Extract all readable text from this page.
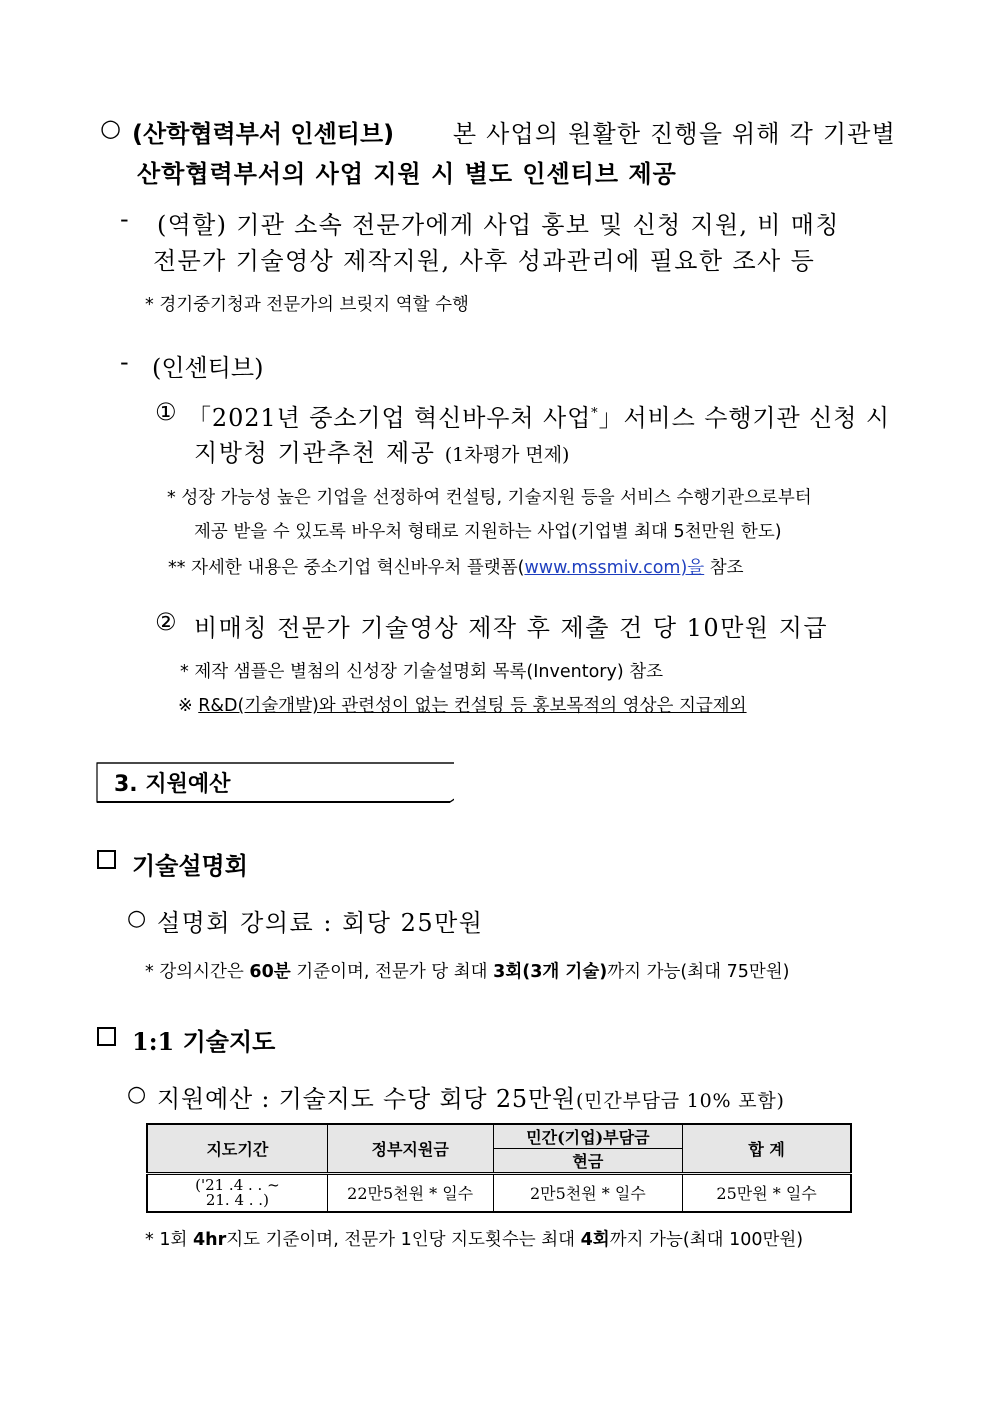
○ (산학협력부서 인센티브) 본 사업의 원활한 진행을 위해 각 기관별
산학협력부서의 사업 지원 시 별도 인센티브 제공
- (역할) 기관 소속 전문가에게 사업 홍보 및 신청 지원, 비 매칭
전문가 기술영상 제작지원, 사후 성과관리에 필요한 조사 등
* 경기중기청과 전문가의 브릿지 역할 수행
- (인센티브)
① 「2021년 중소기업 혁신바우처 사업*」서비스 수행기관 신청 시
지방청 기관추천 제공 (1차평가 면제)
* 성장 가능성 높은 기업을 선정하여 컨설팅, 기술지원 등을 서비스 수행기관으로부터
제공 받을 수 있도록 바우처 형태로 지원하는 사업(기업별 최대 5천만원 한도)
** 자세한 내용은 중소기업 혁신바우처 플랫폼(www.mssmiv.com)을 참조
② 비매칭 전문가 기술영상 제작 후 제출 건 당 10만원 지급
* 제작 샘플은 별첨의 신성장 기술설명회 목록(Inventory) 참조
※ R&D(기술개발)와 관련성이 없는 컨설팅 등 홍보목적의 영상은 지급제외
3. 지원예산
기술설명회
○ 설명회 강의료 : 회당 25만원
* 강의시간은 60분 기준이며, 전문가 당 최대 3회(3개 기술)까지 가능(최대 75만원)
1:1 기술지도
○ 지원예산 : 기술지도 수당 회당 25만원(민간부담금 10% 포함)
지도기간	정부지원금	민간(기업)부담금	합 계
		현금	

('21 .4 . . ~
21. 4 . .)	22만5천원 * 일수	2만5천원 * 일수	25만원 * 일수
* 1회 4hr지도 기준이며, 전문가 1인당 지도횟수는 최대 4회까지 가능(최대 100만원)
